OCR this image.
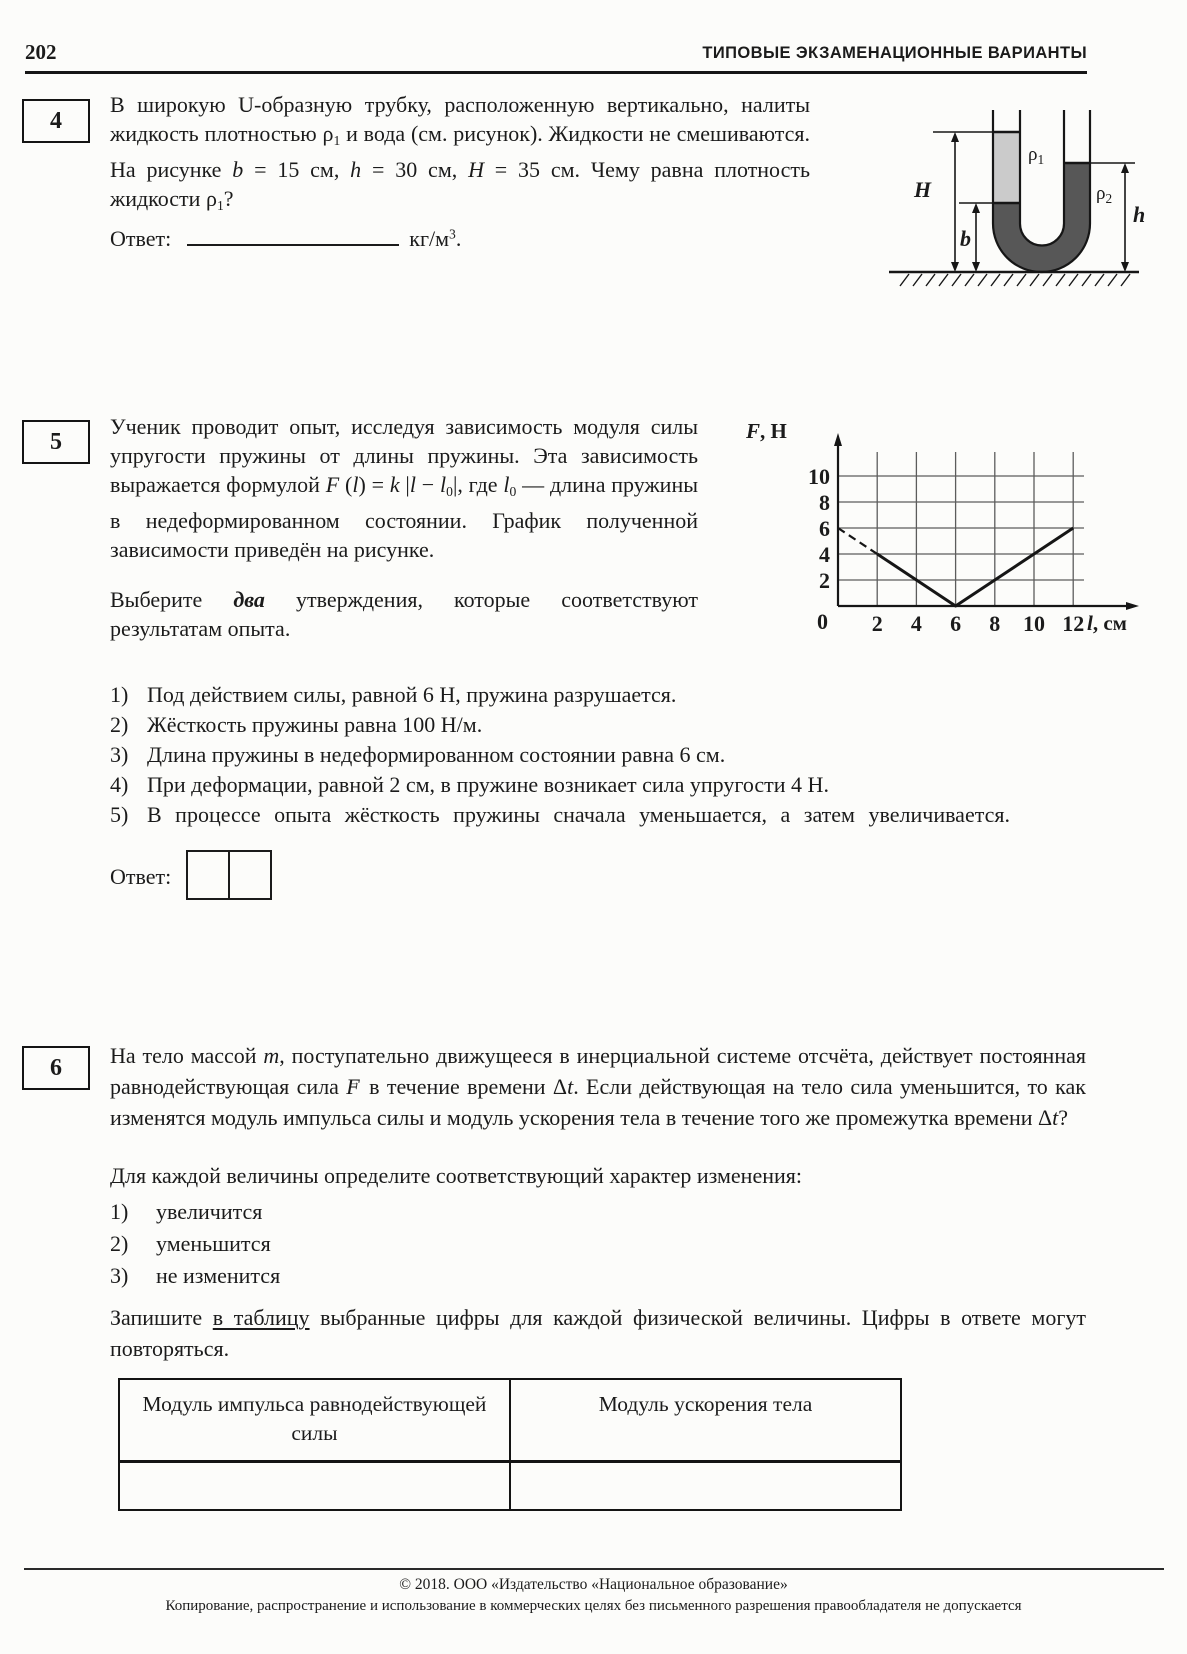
202	ТИПОВЫЕ ЭКЗАМЕНАЦИОННЫЕ ВАРИАНТЫ
4
В широкую U-образную трубку, расположенную вертикально, налиты жидкость плотностью ρ1 и вода (см. рисунок). Жидкости не смешиваются. На рисунке b = 15 см, h = 30 см, H = 35 см. Чему равна плотность жидкости ρ1?
Ответ:	$кг/м^3$.
H
b
h
$\rho_1$
$\rho_2$
5
Ученик проводит опыт, исследуя зависимость модуля силы упругости пружины от длины пружины. Эта зависимость выражается формулой F (l) = k |l − l0|, где l0 — длина пружины в недеформированном состоянии. График полученной зависимости приведён на рисунке.
Выберите два утверждения, которые соответствуют результатам опыта.	2 4 6 8 10 12
0
2
4
6
8
10
F, Н
l, см
1) Под действием силы, равной 6 Н, пружина разрушается.
2) Жёсткость пружины равна 100 Н/м.
3) Длина пружины в недеформированном состоянии равна 6 см.
4) При деформации, равной 2 см, в пружине возникает сила упругости 4 Н.
5) В процессе опыта жёсткость пружины сначала уменьшается, а затем увеличивается.
Ответ:
6	На тело массой m, поступательно движущееся в инерциальной системе отсчёта, действует постоянная равнодействующая сила F → в течение времени Δt. Если действующая на тело сила уменьшится, то как изменятся модуль импульса силы и модуль ускорения тела в течение того же промежутка времени Δt?
Для каждой величины определите соответствующий характер изменения:
1) увеличится
2) уменьшится
3) не изменится
Запишите в таблицу выбранные цифры для каждой физической величины. Цифры в ответе могут повторяться.
Модуль импульса равнодействующей силы	Модуль ускорения тела

© 2018. ООО «Издательство «Национальное образование»
Копирование, распространение и использование в коммерческих целях без письменного разрешения правообладателя не допускается
